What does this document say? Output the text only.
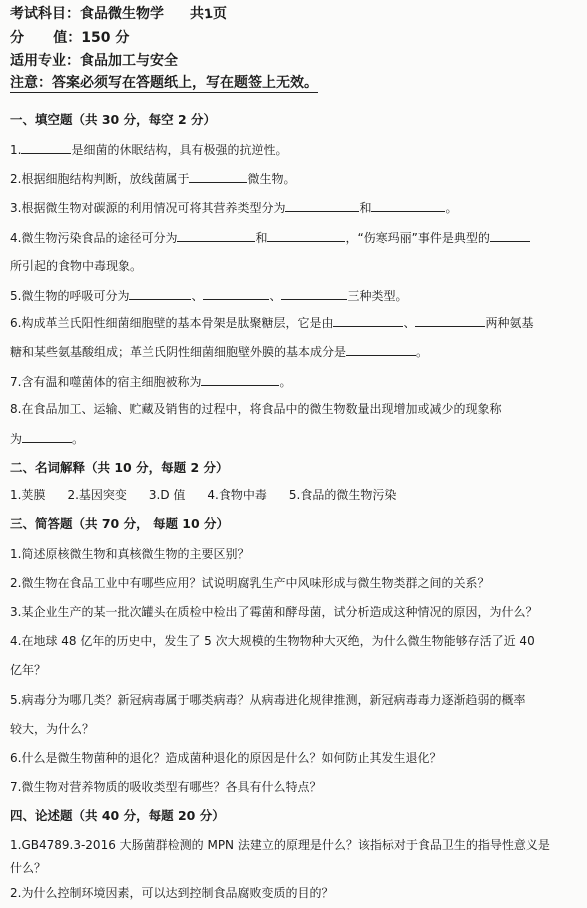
考试科目：食品微生物学 共1页
分      值：150 分
适用专业：食品加工与安全
注意：答案必须写在答题纸上，写在题签上无效。
一、填空题（共 30 分，每空 2 分）
1.	是细菌的休眠结构，具有极强的抗逆性。
2.根据细胞结构判断，放线菌属于	微生物。
3.根据微生物对碳源的利用情况可将其营养类型分为	和	。
4.微生物污染食品的途径可分为	和	，“伤寒玛丽”事件是典型的
所引起的食物中毒现象。
5.微生物的呼吸可分为	、	、	三种类型。
6.构成革兰氏阳性细菌细胞壁的基本骨架是肽聚糖层，它是由	、	两种氨基
糖和某些氨基酸组成；革兰氏阴性细菌细胞壁外膜的基本成分是	。
7.含有温和噬菌体的宿主细胞被称为	。
8.在食品加工、运输、贮藏及销售的过程中，将食品中的微生物数量出现增加或减少的现象称
为	。
二、名词解释（共 10 分，每题 2 分）
1.荚膜 2.基因突变 3.D 值 4.食物中毒 5.食品的微生物污染
三、简答题（共 70 分， 每题 10 分）
1.简述原核微生物和真核微生物的主要区别？
2.微生物在食品工业中有哪些应用？试说明腐乳生产中风味形成与微生物类群之间的关系？
3.某企业生产的某一批次罐头在质检中检出了霉菌和酵母菌，试分析造成这种情况的原因，为什么？
4.在地球 48 亿年的历史中，发生了 5 次大规模的生物物种大灭绝，为什么微生物能够存活了近 40
亿年？
5.病毒分为哪几类？新冠病毒属于哪类病毒？从病毒进化规律推测，新冠病毒毒力逐渐趋弱的概率
较大，为什么？
6.什么是微生物菌种的退化？造成菌种退化的原因是什么？如何防止其发生退化？
7.微生物对营养物质的吸收类型有哪些？各具有什么特点？
四、论述题（共 40 分，每题 20 分）
1.GB4789.3-2016 大肠菌群检测的 MPN 法建立的原理是什么？该指标对于食品卫生的指导性意义是
什么？
2.为什么控制环境因素，可以达到控制食品腐败变质的目的？
